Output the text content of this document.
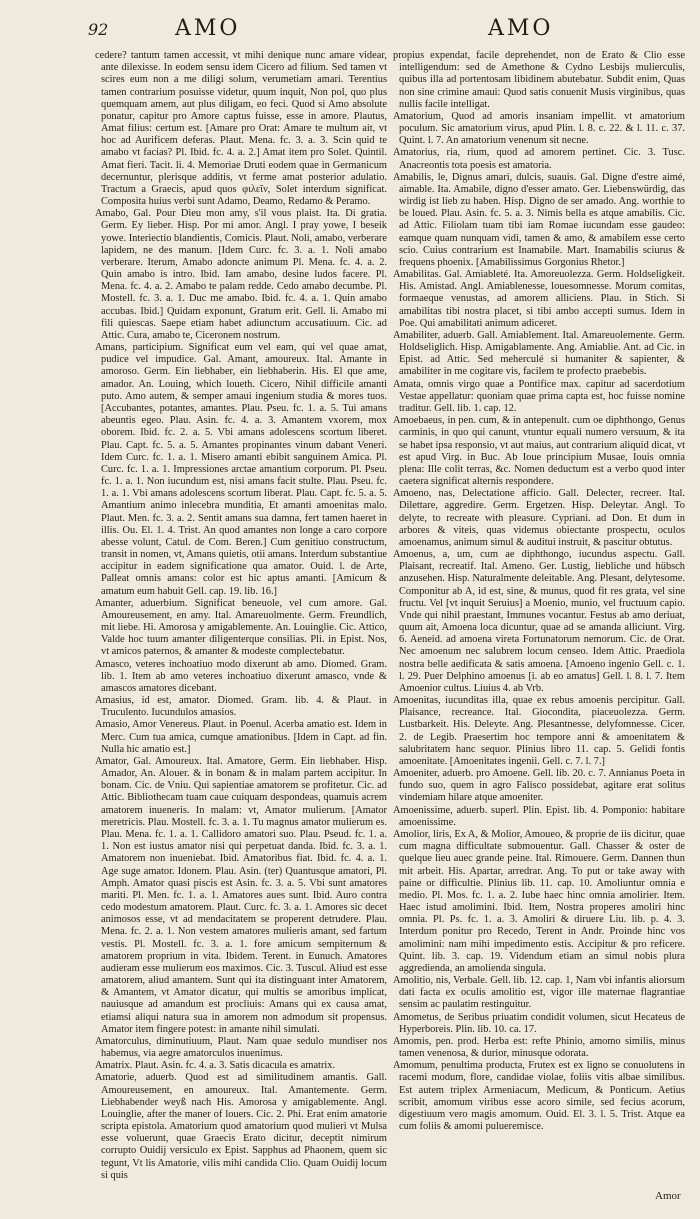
92	AMO	AMO

cedere? tantum tamen accessit, vt mihi denique nunc amare videar, ante dilexisse. In eodem sensu idem Cicero ad filium. Sed tamen vt scires eum non a me diligi solum, verumetiam amari. Terentius tamen contrarium posuisse videtur, quum inquit, Non pol, quo plus quemquam amem, aut plus diligam, eo feci. Quod si Amo absolute ponatur, capitur pro Amore captus fuisse, esse in amore. Plautus, Amat filius: certum est. [Amare pro Orat: Amare te multum ait, vt hoc ad Aurificem deferas. Plaut. Mena. fc. 3. a. 3. Scin quid te amabo vt facias? Pl. Ibid. fc. 4. a. 2.] Amat item pro Solet. Quintil. Amat fieri. Tacit. li. 4. Memoriae Druti eodem quae in Germanicum decernuntur, plerisque additis, vt ferme amat posterior adulatio. Tractum a Graecis, apud quos φιλεῖν, Solet interdum significat. Composita huius verbi sunt Adamo, Deamo, Redamo & Peramo.

Amabo, Gal. Pour Dieu mon amy, s'il vous plaist. Ita. Di gratia. Germ. Ey lieber. Hisp. Por mi amor. Angl. I pray yowe, I beseik yowe. Interiectio blandientis, Comicis. Plaut. Noli, amabo, verberare lapidem, ne des manum. [Idem Curc. fc. 3. a. 1. Noli amabo verberare. Iterum, Amabo adoncte animum Pl. Mena. fc. 4. a. 2. Quin amabo is intro. Ibid. Iam amabo, desine ludos facere. Pl. Mena. fc. 4. a. 2. Amabo te palam redde. Cedo amabo decumbe. Pl. Mostell. fc. 3. a. 1. Duc me amabo. Ibid. fc. 4. a. 1. Quin amabo accubas. Ibid.] Quidam exponunt, Gratum erit. Gell. li. Amabo mi fili quiescas. Saepe etiam habet adiunctum accusatiuum. Cic. ad Attic. Cura, amabo te, Ciceronem nostrum.

Amans, participium. Significat eum vel eam, qui vel quae amat, pudice vel impudice. Gal. Amant, amoureux. Ital. Amante in amoroso. Germ. Ein liebhaber, ein liebhaberin. His. El que ame, amador. An. Louing, which loueth. Cicero, Nihil difficile amanti puto. Amo autem, & semper amaui ingenium studia & mores tuos. [Accubantes, potantes, amantes. Plau. Pseu. fc. 1. a. 5. Tui amans abeuntis egeo. Plau. Asin. fc. 4. a. 3. Amantem vxorem, mox oborem. Ibid. fc. 2. a. 5. Vbi amans adolescens scortum liberet. Plau. Capt. fc. 5. a. 5. Amantes propinantes vinum dabant Veneri. Idem Curc. fc. 1. a. 1. Misero amanti ebibit sanguinem Amica. Pl. Curc. fc. 1. a. 1. Impressiones arctae amantium corporum. Pl. Pseu. fc. 1. a. 1. Non iucundum est, nisi amans facit stulte. Plau. Pseu. fc. 1. a. 1. Vbi amans adolescens scortum liberat. Plau. Capt. fc. 5. a. 5. Amantium animo inlecebra munditia, Et amanti amoenitas malo. Plaut. Men. fc. 3. a. 2. Sentit amans sua damna, fert tamen haeret in illis. Ou. El. 1. 4. Trist. An quod amantes non longe a caro corpore abesse volunt, Catul. de Com. Beren.] Cum genitiuo constructum, transit in nomen, vt, Amans quietis, otii amans. Interdum substantiue accipitur in eadem significatione qua amator. Ouid. l. de Arte, Palleat omnis amans: color est hic aptus amanti. [Amicum & amatum eum habuit Gell. cap. 19. lib. 16.]

Amanter, aduerbium. Significat beneuole, vel cum amore. Gal. Amoureusement, en amy. Ital. Amareuolmente. Germ. Freundlich, mit liebe. Hi. Amorosa y amigablemente. An. Louinglie. Cic. Attico, Valde hoc tuum amanter diligenterque consilias. Pli. in Epist. Nos, vt amicos paternos, & amanter & modeste complectebatur.

Amasco, veteres inchoatiuo modo dixerunt ab amo. Diomed. Gram. lib. 1. Item ab amo veteres inchoatiuo dixerunt amasco, vnde & amascos amatores dicebant.

Amasius, id est, amator. Diomed. Gram. lib. 4. & Plaut. in Truculento. Iucundulos amasios.

Amasio, Amor Venereus. Plaut. in Poenul. Acerba amatio est. Idem in Merc. Cum tua amica, cumque amationibus. [Idem in Capt. ad fin. Nulla hic amatio est.]

Amator, Gal. Amoureux. Ital. Amatore, Germ. Ein liebhaber. Hisp. Amador, An. Alouer. & in bonam & in malam partem accipitur. In bonam. Cic. de Vniu. Qui sapientiae amatorem se profitetur. Cic. ad Attic. Bibliothecam tuam caue cuiquam despondeas, quamuis acrem amatorem inueneris. In malam: vt, Amator mulierum. [Amator meretricis. Plau. Mostell. fc. 3. a. 1. Tu magnus amator mulierum es. Plau. Mena. fc. 1. a. 1. Callidoro amatori suo. Plau. Pseud. fc. 1. a. 1. Non est iustus amator nisi qui perpetuat danda. Ibid. fc. 3. a. 1. Amatorem non inueniebat. Ibid. Amatoribus fiat. Ibid. fc. 4. a. 1. Age suge amator. Idonem. Plau. Asin. (ter) Quantusque amatori, Pl. Amph. Amator quasi piscis est Asin. fc. 3. a. 5. Vbi sunt amatores mariti. Pl. Men. fc. 1. a. 1. Amatores aues sunt. Ibid. Auro contra cedo modestum amatorem. Plaut. Curc. fc. 3. a. 1. Amores sic decet animosos esse, vt ad mendacitatem se properent detrudere. Plau. Mena. fc. 2. a. 1. Non vestem amatores mulieris amant, sed fartum vestis. Pl. Mostell. fc. 3. a. 1. fore amicum sempiternum & amatorem proprium in vita. Ibidem. Terent. in Eunuch. Amatores audieram esse mulierum eos maximos. Cic. 3. Tuscul. Aliud est esse amatorem, aliud amantem. Sunt qui ita distinguant inter Amatorem, & Amantem, vt Amator dicatur, qui multis se amoribus implicat, nauiusque ad amandum est procliuis: Amans qui ex causa amat, etiamsi aliqui natura sua in amorem non admodum sit propensus. Amator item fingere potest: in amante nihil simulati.

Amatorculus, diminutiuum, Plaut. Nam quae sedulo mundiser nos habemus, via aegre amatorculos inuenimus.

Amatrix. Plaut. Asin. fc. 4. a. 3. Satis dicacula es amatrix.

Amatorie, aduerb. Quod est ad similitudinem amantis. Gall. Amoureusement, en amoureux. Ital. Amantemente. Germ. Liebhabender weyß nach His. Amorosa y amigablemente. Angl. Louinglie, after the maner of louers. Cic. 2. Phi. Erat enim amatorie scripta epistola. Amatorium quod amatorium quod mulieri vt Mulsa esse voluerunt, quae Graecis Erato dicitur, deceptit nimirum corrupto Ouidij versiculo ex Epist. Sapphus ad Phaonem, quem sic tegunt, Vt lis Amatorie, vilis mihi candida Clio. Quam Ouidij locum si quis

propius expendat, facile deprehendet, non de Erato & Clio esse intelligendum: sed de Amethone & Cydno Lesbijs mulierculis, quibus illa ad portentosam libidinem abutebatur. Subdit enim, Quas non sine crimine amaui: Quod satis conuenit Musis virginibus, quas nullis facile intelligat.

Amatorium, Quod ad amoris insaniam impellit. vt amatorium poculum. Sic amatorium virus, apud Plin. l. 8. c. 22. & l. 11. c. 37. Quint. l. 7. An amatorium venenum sit necne.

Amatorius, ria, rium, quod ad amorem pertinet. Cic. 3. Tusc. Anacreontis tota poesis est amatoria.

Amabilis, le, Dignus amari, dulcis, suauis. Gal. Digne d'estre aimé, aimable. Ita. Amabile, digno d'esser amato. Ger. Liebenswürdig, das wirdig ist lieb zu haben. Hisp. Digno de ser amado. Ang. worthie to be loued. Plau. Asin. fc. 5. a. 3. Nimis bella es atque amabilis. Cic. ad Attic. Filiolam tuam tibi iam Romae iucundam esse gaudeo: eamque quam nunquam vidi, tamen & amo, & amabilem esse certo scio. Cuius contrarium est Inamabile. Mart. Inamabilis sciurus & frequens phoenix. [Amabilissimus Gorgonius Rhetor.]

Amabilitas. Gal. Amiableté. Ita. Amoreuolezza. Germ. Holdseligkeit. His. Amistad. Angl. Amiablenesse, louesomnesse. Morum comitas, formaeque venustas, ad amorem alliciens. Plau. in Stich. Si amabilitas tibi nostra placet, si tibi ambo accepti sumus. Idem in Poe. Qui amabilitati animum adiceret.

Amabiliter, aduerb. Gall. Amiablement. Ital. Amareuolemente. Germ. Holdseliglich. Hisp. Amigablamente. Ang. Amiablie. Ant. ad Cic. in Epist. ad Attic. Sed meherculé si humaniter & sapienter, & amabiliter in me cogitare vis, facilem te profecto praebebis.

Amata, omnis virgo quae a Pontifice max. capitur ad sacerdotium Vestae appellatur: quoniam quae prima capta est, hoc fuisse nomine traditur. Gell. lib. 1. cap. 12.

Amoebaeus, in pen. cum, & in antepenult. cum oe diphthongo, Genus carminis, in quo qui canunt, vtuntur equali numero versuum, & ita se habet ipsa responsio, vt aut maius, aut contrarium aliquid dicat, vt est apud Virg. in Buc. Ab Ioue principium Musae, Iouis omnia plena: Ille colit terras, &c. Nomen deductum est a verbo quod inter caetera significat alternis respondere.

Amoeno, nas, Delectatione afficio. Gall. Delecter, recreer. Ital. Dilettare, aggredire. Germ. Ergetzen. Hisp. Deleytar. Angl. To delyte, to recreate with pleasure. Cypriani. ad Don. Et dum in arbores & viteis, quas videmus obiectante prospectu, oculos amoenamus, animum simul & auditui instruit, & pascitur obtutus.

Amoenus, a, um, cum ae diphthongo, iucundus aspectu. Gall. Plaisant, recreatif. Ital. Ameno. Ger. Lustig, liebliche und hübsch anzusehen. Hisp. Naturalmente deleitable. Ang. Plesant, delytesome. Componitur ab A, id est, sine, & munus, quod fit res grata, vel sine fructu. Vel [vt inquit Seruius] a Moenio, munio, vel fructuum capio. Vnde qui nihil praestant, Immunes vocantur. Festus ab amo deriuat, quum ait, Amoena loca dicuntur, quae ad se amanda alliciunt. Virg. 6. Aeneid. ad amoena vireta Fortunatorum nemorum. Cic. de Orat. Nec amoenum nec salubrem locum censeo. Idem Attic. Praediola nostra belle aedificata & satis amoena. [Amoeno ingenio Gell. c. 1. l. 29. Puer Delphino amoenus [i. ab eo amatus] Gell. l. 8. l. 7. Item Amoenior cultus. Liuius 4. ab Vrb.

Amoenitas, iucunditas illa, quae ex rebus amoenis percipitur. Gall. Plaisance, recreance. Ital. Giocondita, piaceuolezza. Germ. Lustbarkeit. His. Deleyte. Ang. Plesantnesse, delyfomnesse. Cicer. 2. de Legib. Praesertim hoc tempore anni & amoenitatem & salubritatem hanc sequor. Plinius libro 11. cap. 5. Gelidi fontis amoenitate. [Amoenitates ingenii. Gell. c. 7. l. 7.]

Amoeniter, aduerb. pro Amoene. Gell. lib. 20. c. 7. Annianus Poeta in fundo suo, quem in agro Falisco possidebat, agitare erat solitus vindemiam hilare atque amoeniter.

Amoenissime, aduerb. superl. Plin. Epist. lib. 4. Pomponio: habitare amoenissime.

Amolior, liris, Ex A, & Molior, Amoueo, & proprie de iis dicitur, quae cum magna difficultate submouentur. Gall. Chasser & oster de quelque lieu auec grande peine. Ital. Rimouere. Germ. Dannen thun mit arbeit. His. Apartar, arredrar. Ang. To put or take away with paine or difficultie. Plinius lib. 11. cap. 10. Amoliuntur omnia e medio. Pl. Mos. fc. 1. a. 2. Iube haec hinc omnia amolirier. Item. Haec istud amolimini. Ibid. Item, Nostra properes amoliri hinc omnia. Pl. Ps. fc. 1. a. 3. Amoliri & diruere Liu. lib. p. 4. 3. Interdum ponitur pro Recedo, Terent in Andr. Proinde hinc vos amolimini: nam mihi impedimento estis. Accipitur & pro reficere. Quint. lib. 3. cap. 19. Videndum etiam an simul nobis plura aggredienda, an amolienda singula.

Amolitio, nis, Verbale. Gell. lib. 12. cap. 1, Nam vbi infantis aliorsum dati facta ex oculis amolitio est, vigor ille maternae flagrantiae sensim ac paulatim restinguitur.

Amometus, de Seribus priuatim condidit volumen, sicut Hecateus de Hyperboreis. Plin. lib. 10. ca. 17.

Amomis, pen. prod. Herba est: refte Phinio, amomo similis, minus tamen venenosa, & durior, minusque odorata.

Amomum, penultima producta, Frutex est ex ligno se conuolutens in racemi modum, flore, candidae violae, foliis vitis albae similibus. Est autem triplex Armeniacum, Medicum, & Ponticum. Aetius scribit, amomum viribus esse acoro simile, sed fecius acorum, digestiuum vero magis amomum. Ouid. El. 3. l. 5. Trist. Atque ea cum foliis & amomi pulueremisce.

Amor
